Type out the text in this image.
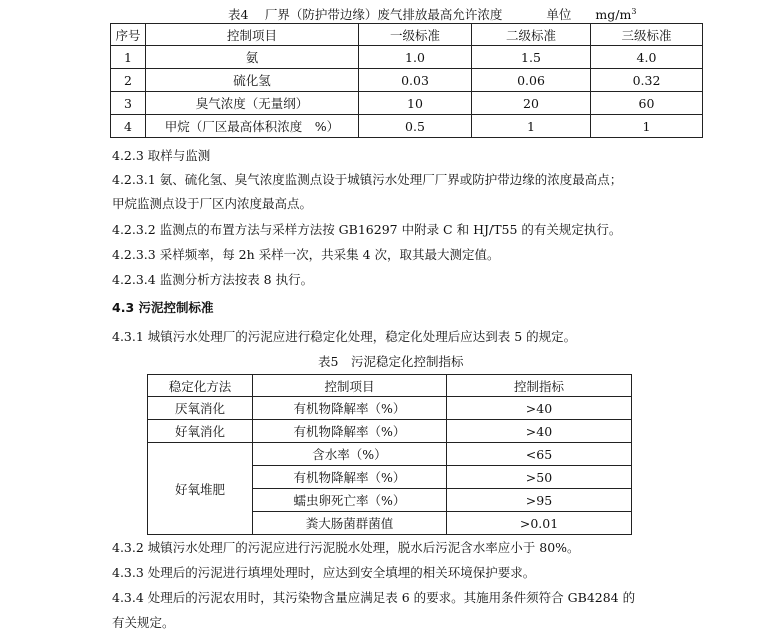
表4　 厂界（防护带边缘）废气排放最高允许浓度	单位 $mg/m^3$
序号	控制项目	一级标准	二级标准	三级标准
1	氨	1.0	1.5	4.0
2	硫化氢	0.03	0.06	0.32
3	臭气浓度（无量纲）	10	20	60
4	甲烷（厂区最高体积浓度　%）	0.5	1	1
4.2.3 取样与监测
4.2.3.1 氨、硫化氢、臭气浓度监测点设于城镇污水处理厂厂界或防护带边缘的浓度最高点；
甲烷监测点设于厂区内浓度最高点。
4.2.3.2 监测点的布置方法与采样方法按 GB16297 中附录 C 和 HJ/T55 的有关规定执行。
4.2.3.3 采样频率，每 2h 采样一次，共采集 4 次，取其最大测定值。
4.2.3.4 监测分析方法按表 8 执行。
4.3 污泥控制标准
4.3.1 城镇污水处理厂的污泥应进行稳定化处理，稳定化处理后应达到表 5 的规定。
表5　污泥稳定化控制指标
稳定化方法	控制项目	控制指标
厌氧消化	有机物降解率（%）	>40
好氧消化	有机物降解率（%）	>40
好氧堆肥	含水率（%）	<65
	有机物降解率（%）	>50
	蠕虫卵死亡率（%）	>95
	粪大肠菌群菌值	>0.01
4.3.2 城镇污水处理厂的污泥应进行污泥脱水处理，脱水后污泥含水率应小于 80%。
4.3.3 处理后的污泥进行填埋处理时，应达到安全填埋的相关环境保护要求。
4.3.4 处理后的污泥农用时，其污染物含量应满足表 6 的要求。其施用条件须符合 GB4284 的
有关规定。
